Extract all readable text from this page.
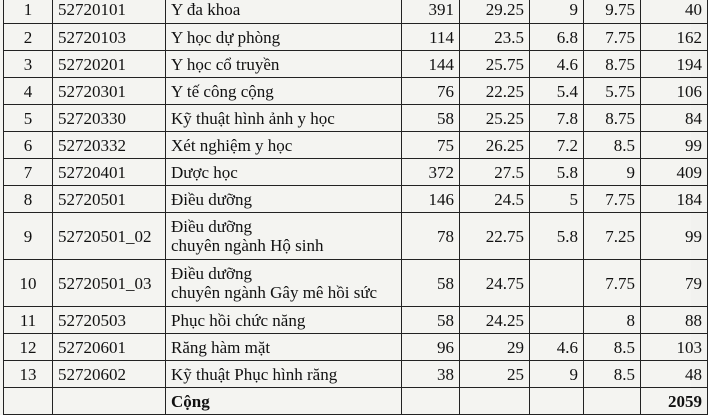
1	52720101	Y đa khoa	391	29.25	9	9.75	40
2	52720103	Y học dự phòng	114	23.5	6.8	7.75	162
3	52720201	Y học cổ truyền	144	25.75	4.6	8.75	194
4	52720301	Y tế công cộng	76	22.25	5.4	5.75	106
5	52720330	Kỹ thuật hình ảnh y học	58	25.25	7.8	8.75	84
6	52720332	Xét nghiệm y học	75	26.25	7.2	8.5	99
7	52720401	Dược học	372	27.5	5.8	9	409
8	52720501	Điều dưỡng	146	24.5	5	7.75	184
9	52720501_02	Điều dưỡng
chuyên ngành Hộ sinh	78	22.75	5.8	7.25	99
10	52720501_03	Điều dưỡng
chuyên ngành Gây mê hồi sức	58	24.75		7.75	79
11	52720503	Phục hồi chức năng	58	24.25		8	88
12	52720601	Răng hàm mặt	96	29	4.6	8.5	103
13	52720602	Kỹ thuật Phục hình răng	38	25	9	8.5	48
		Cộng					2059
